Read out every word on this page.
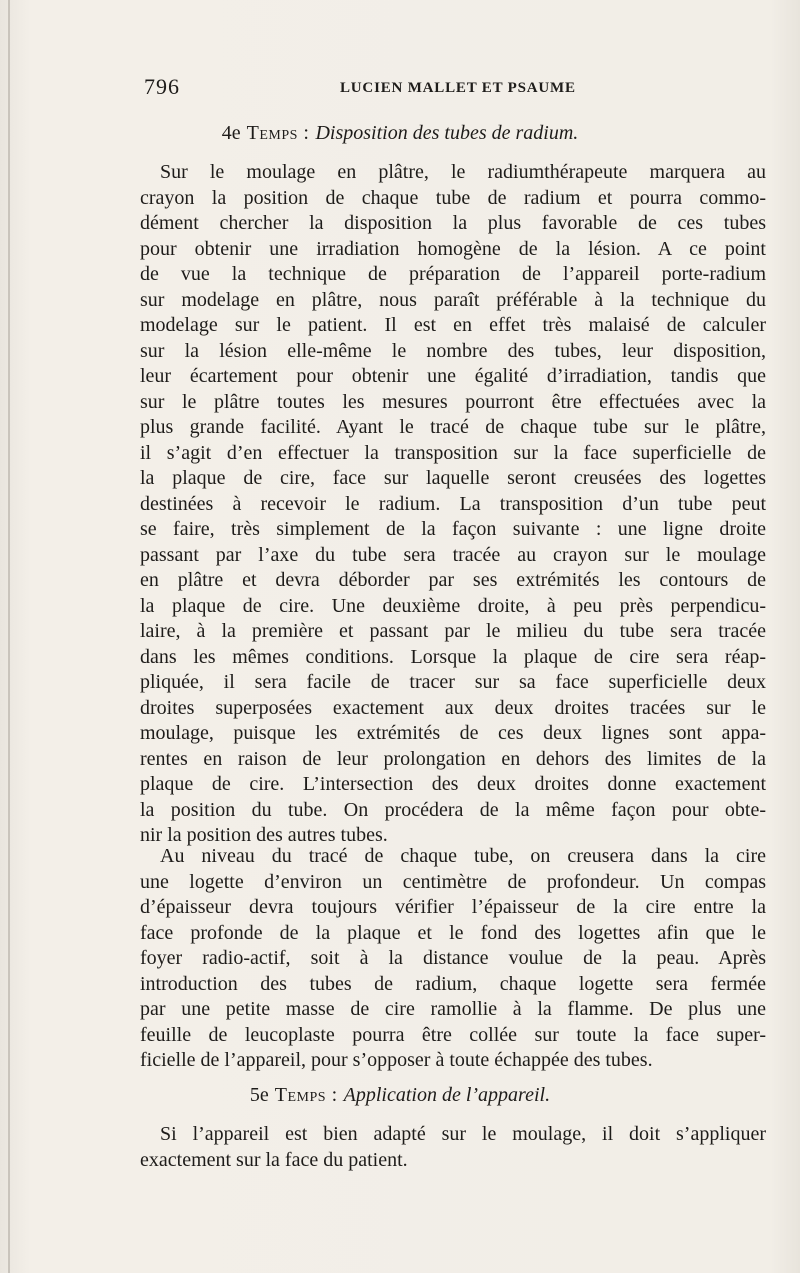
796	LUCIEN MALLET ET PSAUME
4e Temps : Disposition des tubes de radium.
Sur le moulage en plâtre, le radiumthérapeute marquera au
crayon la position de chaque tube de radium et pourra commo-
dément chercher la disposition la plus favorable de ces tubes
pour obtenir une irradiation homogène de la lésion. A ce point
de vue la technique de préparation de l’appareil porte-radium
sur modelage en plâtre, nous paraît préférable à la technique du
modelage sur le patient. Il est en effet très malaisé de calculer
sur la lésion elle-même le nombre des tubes, leur disposition,
leur écartement pour obtenir une égalité d’irradiation, tandis que
sur le plâtre toutes les mesures pourront être effectuées avec la
plus grande facilité. Ayant le tracé de chaque tube sur le plâtre,
il s’agit d’en effectuer la transposition sur la face superficielle de
la plaque de cire, face sur laquelle seront creusées des logettes
destinées à recevoir le radium. La transposition d’un tube peut
se faire, très simplement de la façon suivante : une ligne droite
passant par l’axe du tube sera tracée au crayon sur le moulage
en plâtre et devra déborder par ses extrémités les contours de
la plaque de cire. Une deuxième droite, à peu près perpendicu-
laire, à la première et passant par le milieu du tube sera tracée
dans les mêmes conditions. Lorsque la plaque de cire sera réap-
pliquée, il sera facile de tracer sur sa face superficielle deux
droites superposées exactement aux deux droites tracées sur le
moulage, puisque les extrémités de ces deux lignes sont appa-
rentes en raison de leur prolongation en dehors des limites de la
plaque de cire. L’intersection des deux droites donne exactement
la position du tube. On procédera de la même façon pour obte-
nir la position des autres tubes.
Au niveau du tracé de chaque tube, on creusera dans la cire
une logette d’environ un centimètre de profondeur. Un compas
d’épaisseur devra toujours vérifier l’épaisseur de la cire entre la
face profonde de la plaque et le fond des logettes afin que le
foyer radio-actif, soit à la distance voulue de la peau. Après
introduction des tubes de radium, chaque logette sera fermée
par une petite masse de cire ramollie à la flamme. De plus une
feuille de leucoplaste pourra être collée sur toute la face super-
ficielle de l’appareil, pour s’opposer à toute échappée des tubes.
5e Temps : Application de l’appareil.
Si l’appareil est bien adapté sur le moulage, il doit s’appliquer
exactement sur la face du patient.
